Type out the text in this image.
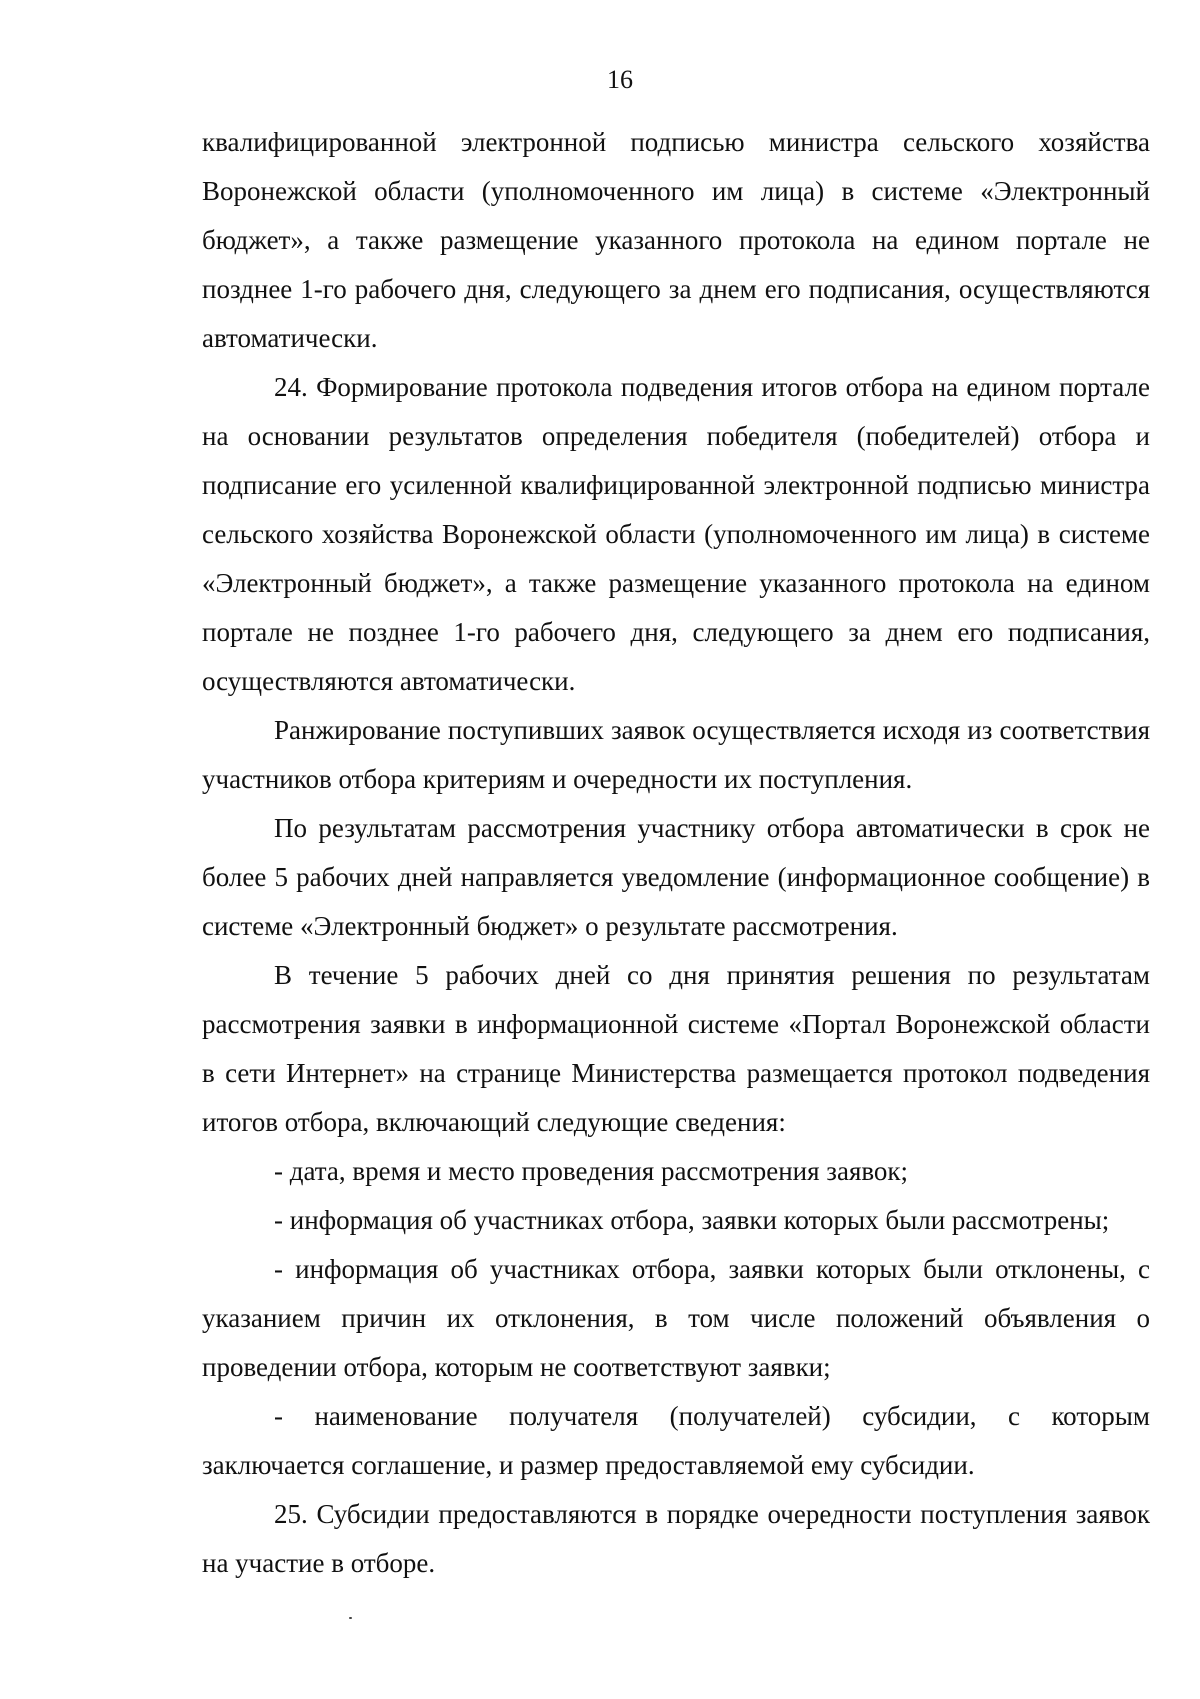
16

квалифицированной электронной подписью министра сельского хозяйства Воронежской области (уполномоченного им лица) в системе «Электронный бюджет», а также размещение указанного протокола на едином портале не позднее 1-го рабочего дня, следующего за днем его подписания, осуществляются автоматически.

24. Формирование протокола подведения итогов отбора на едином портале на основании результатов определения победителя (победителей) отбора и подписание его усиленной квалифицированной электронной подписью министра сельского хозяйства Воронежской области (уполномоченного им лица) в системе «Электронный бюджет», а также размещение указанного протокола на едином портале не позднее 1-го рабочего дня, следующего за днем его подписания, осуществляются автоматически.

Ранжирование поступивших заявок осуществляется исходя из соответствия участников отбора критериям и очередности их поступления.

По результатам рассмотрения участнику отбора автоматически в срок не более 5 рабочих дней направляется уведомление (информационное сообщение) в системе «Электронный бюджет» о результате рассмотрения.

В течение 5 рабочих дней со дня принятия решения по результатам рассмотрения заявки в информационной системе «Портал Воронежской области в сети Интернет» на странице Министерства размещается протокол подведения итогов отбора, включающий следующие сведения:

- дата, время и место проведения рассмотрения заявок;

- информация об участниках отбора, заявки которых были рассмотрены;

- информация об участниках отбора, заявки которых были отклонены, с указанием причин их отклонения, в том числе положений объявления о проведении отбора, которым не соответствуют заявки;

- наименование получателя (получателей) субсидии, с которым заключается соглашение, и размер предоставляемой ему субсидии.

25. Субсидии предоставляются в порядке очередности поступления заявок на участие в отборе.
